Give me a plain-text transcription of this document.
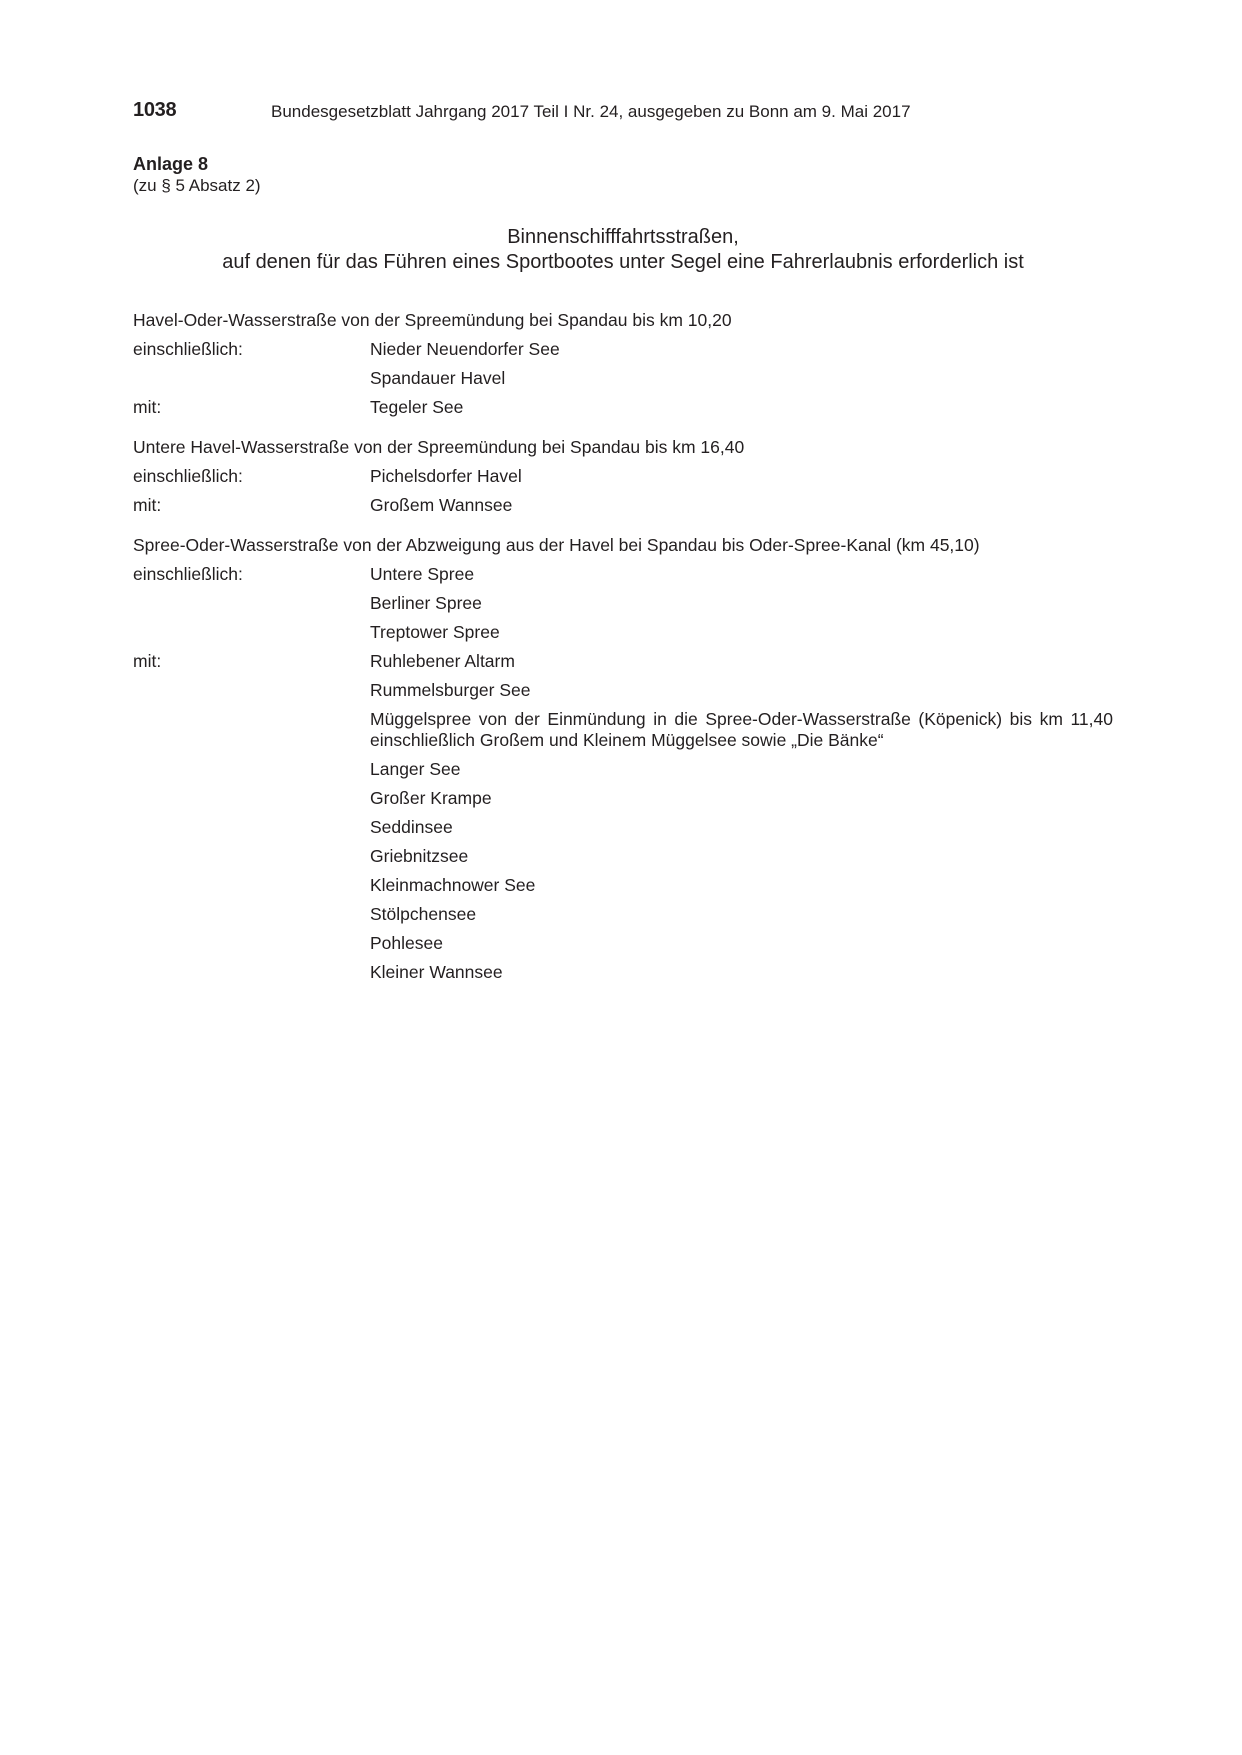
1038	Bundesgesetzblatt Jahrgang 2017 Teil I Nr. 24, ausgegeben zu Bonn am 9. Mai 2017
Anlage 8
(zu § 5 Absatz 2)
Binnenschifffahrtsstraßen,
auf denen für das Führen eines Sportbootes unter Segel eine Fahrerlaubnis erforderlich ist
Havel-Oder-Wasserstraße von der Spreemündung bei Spandau bis km 10,20
einschließlich:	Nieder Neuendorfer See
Spandauer Havel
mit:	Tegeler See
Untere Havel-Wasserstraße von der Spreemündung bei Spandau bis km 16,40
einschließlich:	Pichelsdorfer Havel
mit:	Großem Wannsee
Spree-Oder-Wasserstraße von der Abzweigung aus der Havel bei Spandau bis Oder-Spree-Kanal (km 45,10)
einschließlich:	Untere Spree
Berliner Spree
Treptower Spree
mit:	Ruhlebener Altarm
Rummelsburger See
Müggelspree von der Einmündung in die Spree-Oder-Wasserstraße (Köpenick) bis km 11,40 einschließlich Großem und Kleinem Müggelsee sowie „Die Bänke“
Langer See
Großer Krampe
Seddinsee
Griebnitzsee
Kleinmachnower See
Stölpchensee
Pohlesee
Kleiner Wannsee
